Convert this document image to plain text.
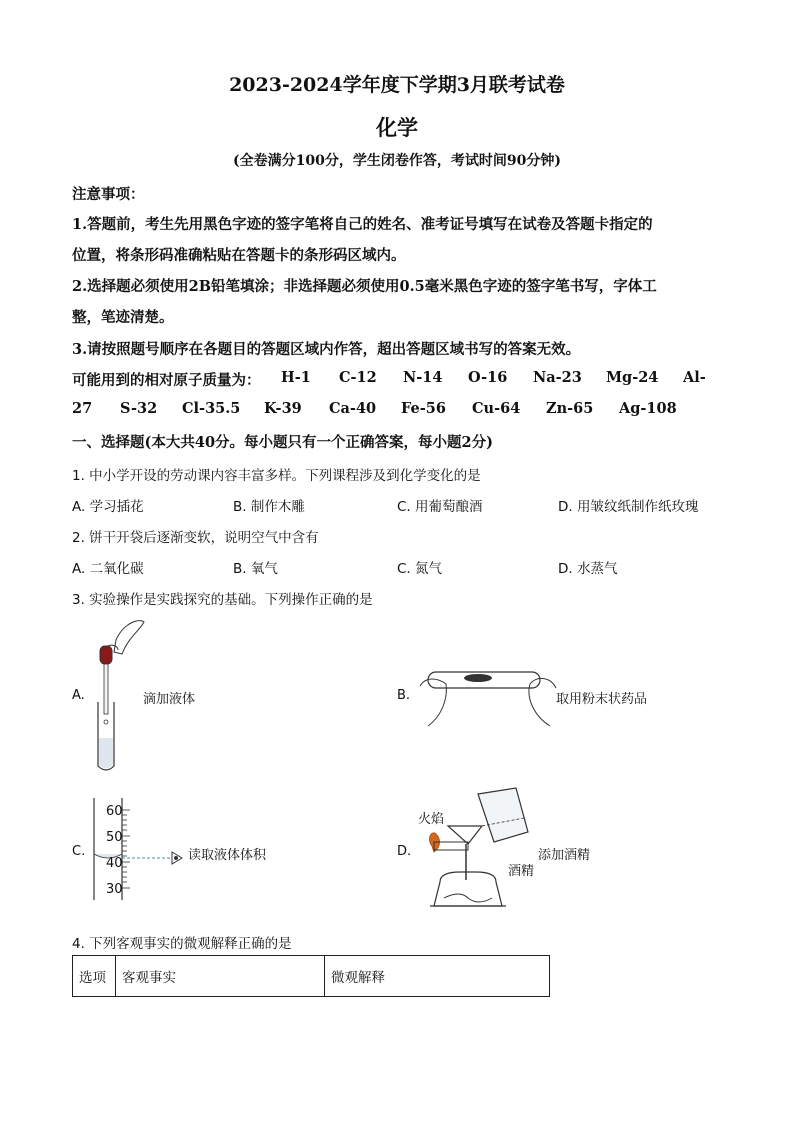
2023-2024学年度下学期3月联考试卷
化学
(全卷满分100分，学生闭卷作答，考试时间90分钟)
注意事项：
1.答题前，考生先用黑色字迹的签字笔将自己的姓名、准考证号填写在试卷及答题卡指定的
位置，将条形码准确粘贴在答题卡的条形码区域内。
2.选择题必须使用2B铅笔填涂；非选择题必须使用0.5毫米黑色字迹的签字笔书写，字体工
整，笔迹清楚。
3.请按照题号顺序在各题目的答题区域内作答，超出答题区域书写的答案无效。
可能用到的相对原子质量为： H-1 C-12 N-14 O-16 Na-23 Mg-24 Al-
27 S-32 Cl-35.5 K-39 Ca-40 Fe-56 Cu-64 Zn-65 Ag-108
一、选择题(本大共40分。每小题只有一个正确答案，每小题2分)
1. 中小学开设的劳动课内容丰富多样。下列课程涉及到化学变化的是
A. 学习插花	B. 制作木雕	C. 用葡萄酿酒	D. 用皱纹纸制作纸玫瑰
2. 饼干开袋后逐渐变软，说明空气中含有
A. 二氧化碳	B. 氧气	C. 氮气	D. 水蒸气
3. 实验操作是实践探究的基础。下列操作正确的是
A.	滴加液体	B.	取用粉末状药品
C.
60
50
40
30
读取液体体积	D.
火焰
酒精
添加酒精
4. 下列客观事实的微观解释正确的是
选项	客观事实	微观解释
